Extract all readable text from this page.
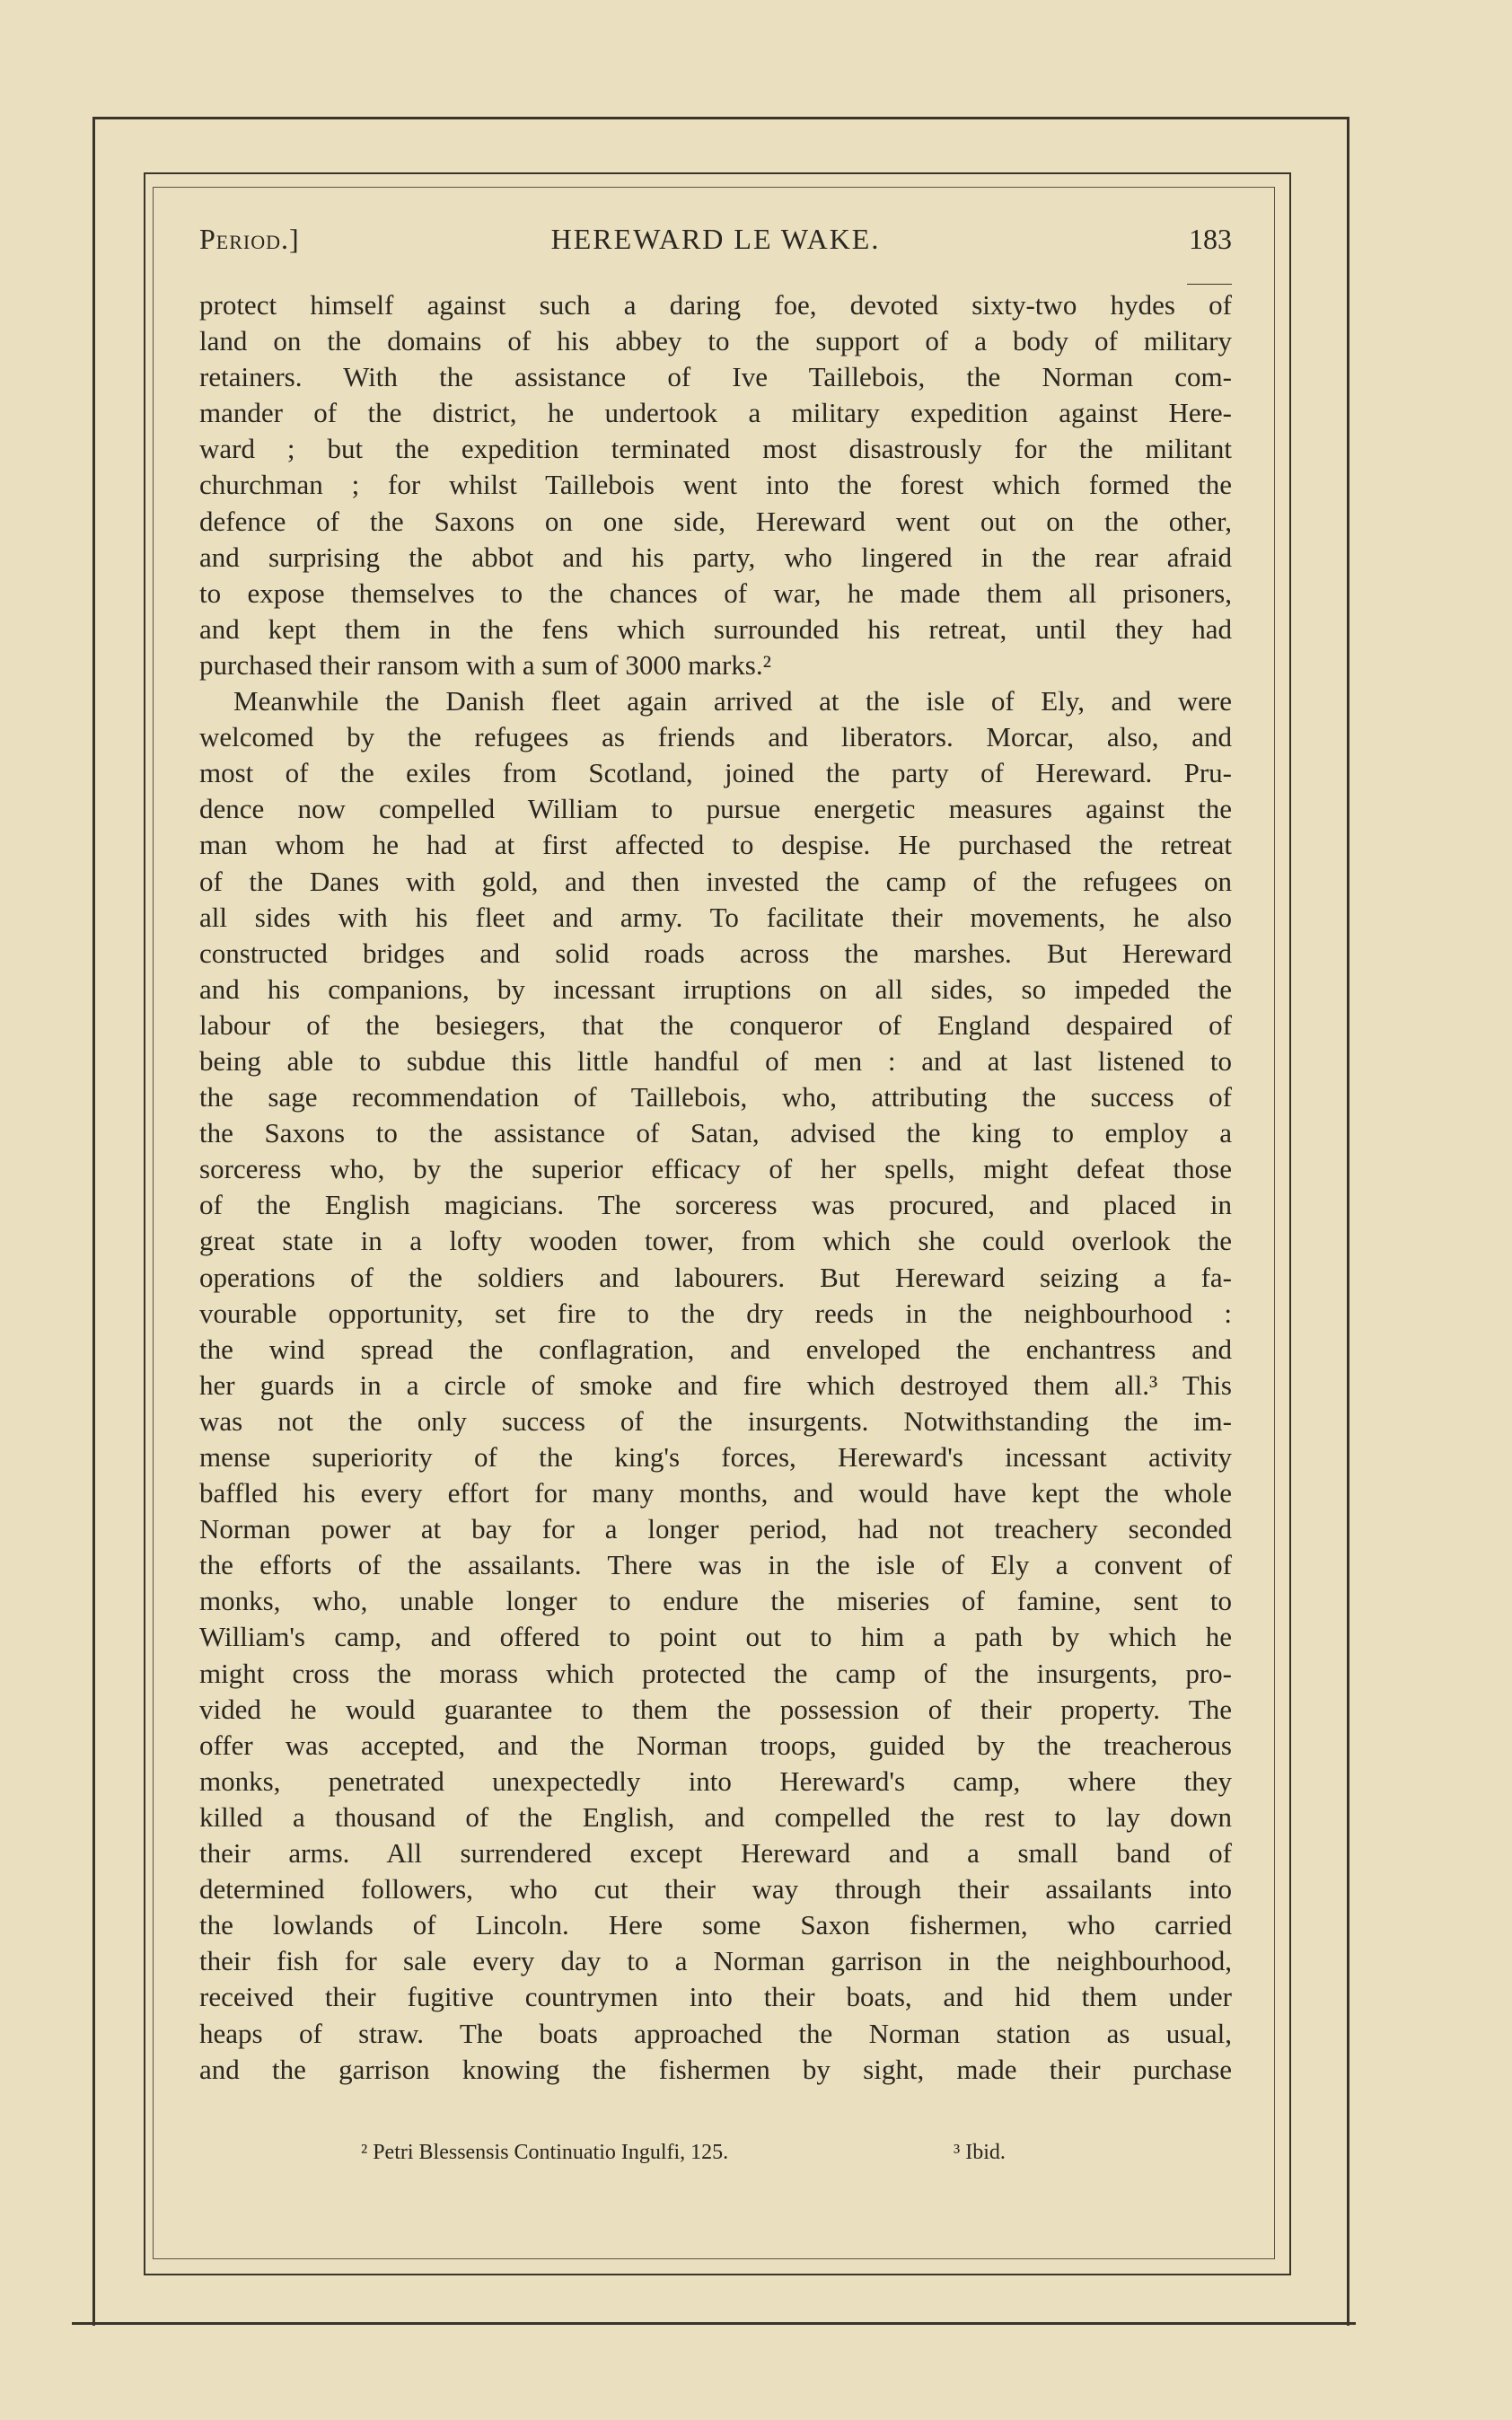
Period.]	HEREWARD LE WAKE.	183
protect himself against such a daring foe, devoted sixty-two hydes of
land on the domains of his abbey to the support of a body of military
retainers. With the assistance of Ive Taillebois, the Norman com-
mander of the district, he undertook a military expedition against Here-
ward ; but the expedition terminated most disastrously for the militant
churchman ; for whilst Taillebois went into the forest which formed the
defence of the Saxons on one side, Hereward went out on the other,
and surprising the abbot and his party, who lingered in the rear afraid
to expose themselves to the chances of war, he made them all prisoners,
and kept them in the fens which surrounded his retreat, until they had
purchased their ransom with a sum of 3000 marks.²
Meanwhile the Danish fleet again arrived at the isle of Ely, and were
welcomed by the refugees as friends and liberators. Morcar, also, and
most of the exiles from Scotland, joined the party of Hereward. Pru-
dence now compelled William to pursue energetic measures against the
man whom he had at first affected to despise. He purchased the retreat
of the Danes with gold, and then invested the camp of the refugees on
all sides with his fleet and army. To facilitate their movements, he also
constructed bridges and solid roads across the marshes. But Hereward
and his companions, by incessant irruptions on all sides, so impeded the
labour of the besiegers, that the conqueror of England despaired of
being able to subdue this little handful of men : and at last listened to
the sage recommendation of Taillebois, who, attributing the success of
the Saxons to the assistance of Satan, advised the king to employ a
sorceress who, by the superior efficacy of her spells, might defeat those
of the English magicians. The sorceress was procured, and placed in
great state in a lofty wooden tower, from which she could overlook the
operations of the soldiers and labourers. But Hereward seizing a fa-
vourable opportunity, set fire to the dry reeds in the neighbourhood :
the wind spread the conflagration, and enveloped the enchantress and
her guards in a circle of smoke and fire which destroyed them all.³ This
was not the only success of the insurgents. Notwithstanding the im-
mense superiority of the king's forces, Hereward's incessant activity
baffled his every effort for many months, and would have kept the whole
Norman power at bay for a longer period, had not treachery seconded
the efforts of the assailants. There was in the isle of Ely a convent of
monks, who, unable longer to endure the miseries of famine, sent to
William's camp, and offered to point out to him a path by which he
might cross the morass which protected the camp of the insurgents, pro-
vided he would guarantee to them the possession of their property. The
offer was accepted, and the Norman troops, guided by the treacherous
monks, penetrated unexpectedly into Hereward's camp, where they
killed a thousand of the English, and compelled the rest to lay down
their arms. All surrendered except Hereward and a small band of
determined followers, who cut their way through their assailants into
the lowlands of Lincoln. Here some Saxon fishermen, who carried
their fish for sale every day to a Norman garrison in the neighbourhood,
received their fugitive countrymen into their boats, and hid them under
heaps of straw. The boats approached the Norman station as usual,
and the garrison knowing the fishermen by sight, made their purchase
² Petri Blessensis Continuatio Ingulfi, 125.	³ Ibid.
